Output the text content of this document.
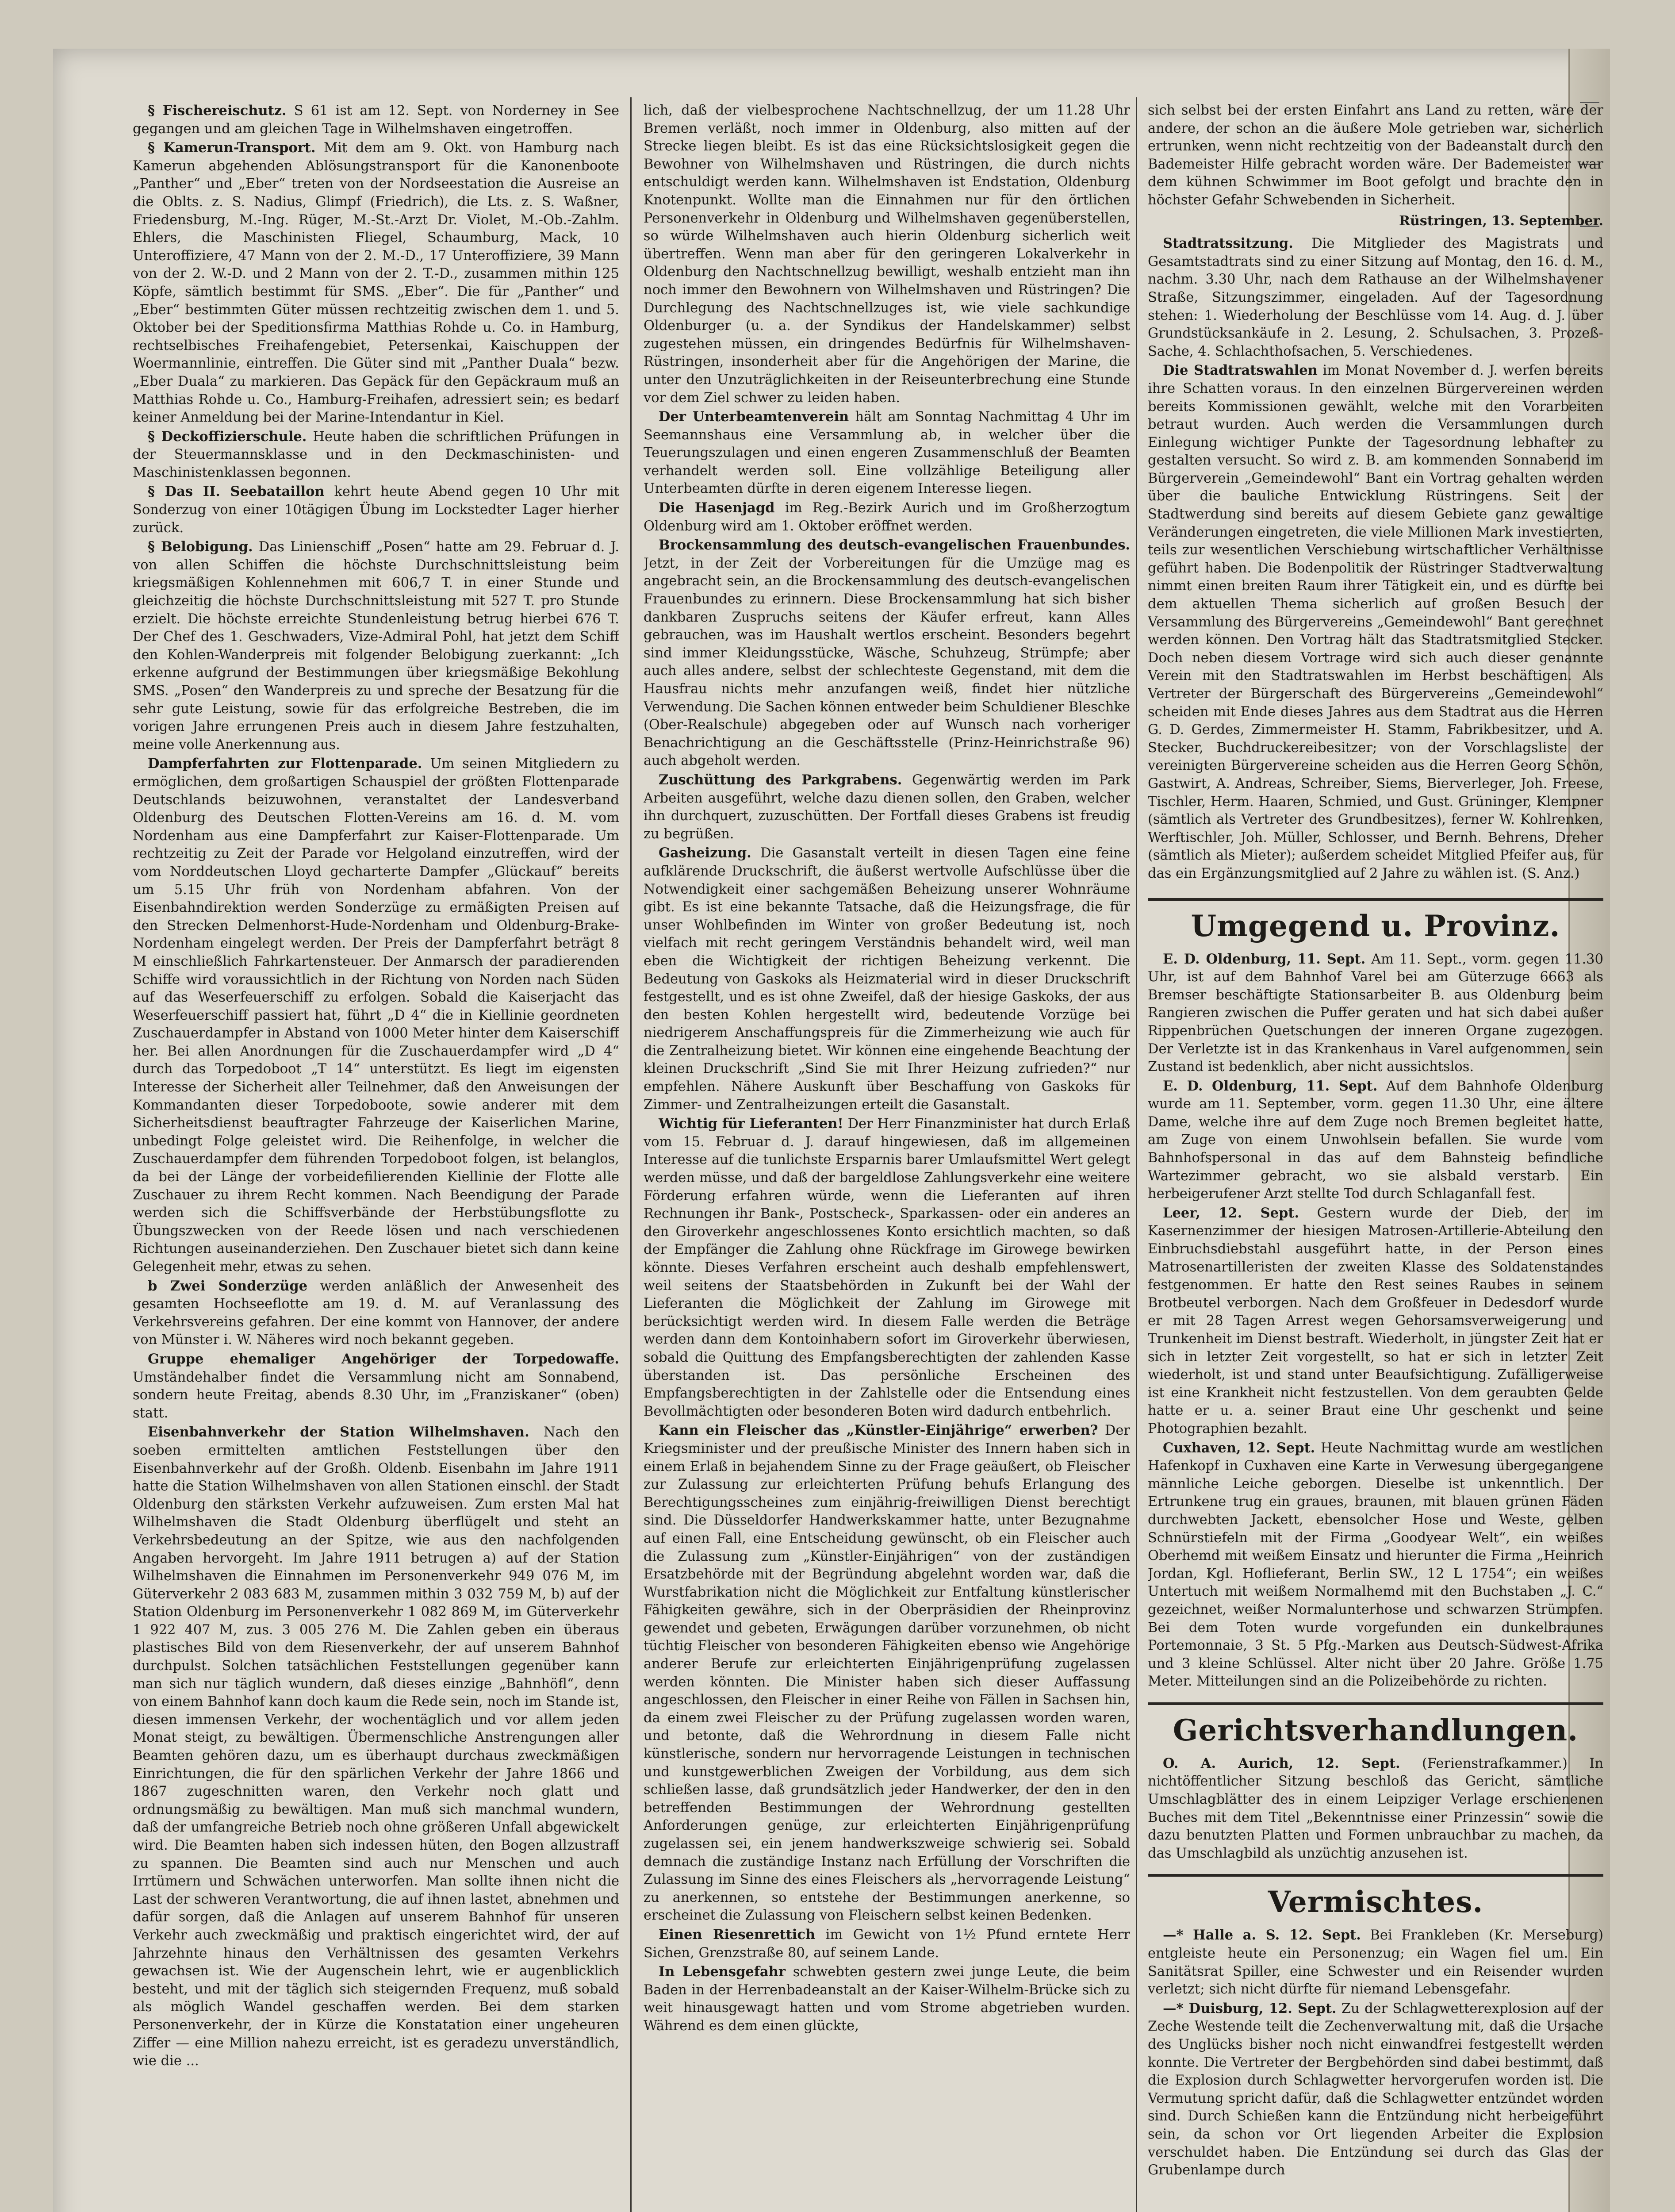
§ Fischereischutz. S 61 ist am 12. Sept. von Norderney in See gegangen und am gleichen Tage in Wilhelmshaven eingetroffen.

§ Kamerun-Transport. Mit dem am 9. Okt. von Hamburg nach Kamerun abgehenden Ablösungstransport für die Kanonenboote „Panther“ und „Eber“ treten von der Nordseestation die Ausreise an die Oblts. z. S. Nadius, Glimpf (Friedrich), die Lts. z. S. Waßner, Friedensburg, M.-Ing. Rüger, M.-St.-Arzt Dr. Violet, M.-Ob.-Zahlm. Ehlers, die Maschinisten Fliegel, Schaumburg, Mack, 10 Unteroffiziere, 47 Mann von der 2. M.-D., 17 Unteroffiziere, 39 Mann von der 2. W.-D. und 2 Mann von der 2. T.-D., zusammen mithin 125 Köpfe, sämtlich bestimmt für SMS. „Eber“. Die für „Panther“ und „Eber“ bestimmten Güter müssen rechtzeitig zwischen dem 1. und 5. Oktober bei der Speditionsfirma Matthias Rohde u. Co. in Hamburg, rechtselbisches Freihafengebiet, Petersenkai, Kaischuppen der Woermannlinie, eintreffen. Die Güter sind mit „Panther Duala“ bezw. „Eber Duala“ zu markieren. Das Gepäck für den Gepäckraum muß an Matthias Rohde u. Co., Hamburg-Freihafen, adressiert sein; es bedarf keiner Anmeldung bei der Marine-Intendantur in Kiel.

§ Deckoffizierschule. Heute haben die schriftlichen Prüfungen in der Steuermannsklasse und in den Deckmaschinisten- und Maschinistenklassen begonnen.

§ Das II. Seebataillon kehrt heute Abend gegen 10 Uhr mit Sonderzug von einer 10tägigen Übung im Lockstedter Lager hierher zurück.

§ Belobigung. Das Linienschiff „Posen“ hatte am 29. Februar d. J. von allen Schiffen die höchste Durchschnittsleistung beim kriegsmäßigen Kohlennehmen mit 606,7 T. in einer Stunde und gleichzeitig die höchste Durchschnittsleistung mit 527 T. pro Stunde erzielt. Die höchste erreichte Stundenleistung betrug hierbei 676 T. Der Chef des 1. Geschwaders, Vize-Admiral Pohl, hat jetzt dem Schiff den Kohlen-Wanderpreis mit folgender Belobigung zuerkannt: „Ich erkenne aufgrund der Bestimmungen über kriegsmäßige Bekohlung SMS. „Posen“ den Wanderpreis zu und spreche der Besatzung für die sehr gute Leistung, sowie für das erfolgreiche Bestreben, die im vorigen Jahre errungenen Preis auch in diesem Jahre festzuhalten, meine volle Anerkennung aus.

Dampferfahrten zur Flottenparade. Um seinen Mitgliedern zu ermöglichen, dem großartigen Schauspiel der größten Flottenparade Deutschlands beizuwohnen, veranstaltet der Landesverband Oldenburg des Deutschen Flotten-Vereins am 16. d. M. vom Nordenham aus eine Dampferfahrt zur Kaiser-Flottenparade. Um rechtzeitig zu Zeit der Parade vor Helgoland einzutreffen, wird der vom Norddeutschen Lloyd gecharterte Dampfer „Glückauf“ bereits um 5.15 Uhr früh von Nordenham abfahren. Von der Eisenbahndirektion werden Sonderzüge zu ermäßigten Preisen auf den Strecken Delmenhorst-Hude-Nordenham und Oldenburg-Brake-Nordenham eingelegt werden. Der Preis der Dampferfahrt beträgt 8 M einschließlich Fahrkartensteuer. Der Anmarsch der paradierenden Schiffe wird voraussichtlich in der Richtung von Norden nach Süden auf das Weserfeuerschiff zu erfolgen. Sobald die Kaiserjacht das Weserfeuerschiff passiert hat, führt „D 4“ die in Kiellinie geordneten Zuschauerdampfer in Abstand von 1000 Meter hinter dem Kaiserschiff her. Bei allen Anordnungen für die Zuschauerdampfer wird „D 4“ durch das Torpedoboot „T 14“ unterstützt. Es liegt im eigensten Interesse der Sicherheit aller Teilnehmer, daß den Anweisungen der Kommandanten dieser Torpedoboote, sowie anderer mit dem Sicherheitsdienst beauftragter Fahrzeuge der Kaiserlichen Marine, unbedingt Folge geleistet wird. Die Reihenfolge, in welcher die Zuschauerdampfer dem führenden Torpedoboot folgen, ist belanglos, da bei der Länge der vorbeidefilierenden Kiellinie der Flotte alle Zuschauer zu ihrem Recht kommen. Nach Beendigung der Parade werden sich die Schiffsverbände der Herbstübungsflotte zu Übungszwecken von der Reede lösen und nach verschiedenen Richtungen auseinanderziehen. Den Zuschauer bietet sich dann keine Gelegenheit mehr, etwas zu sehen.

b Zwei Sonderzüge werden anläßlich der Anwesenheit des gesamten Hochseeflotte am 19. d. M. auf Veranlassung des Verkehrsvereins gefahren. Der eine kommt von Hannover, der andere von Münster i. W. Näheres wird noch bekannt gegeben.

Gruppe ehemaliger Angehöriger der Torpedowaffe. Umständehalber findet die Versammlung nicht am Sonnabend, sondern heute Freitag, abends 8.30 Uhr, im „Franziskaner“ (oben) statt.

Eisenbahnverkehr der Station Wilhelmshaven. Nach den soeben ermittelten amtlichen Feststellungen über den Eisenbahnverkehr auf der Großh. Oldenb. Eisenbahn im Jahre 1911 hatte die Station Wilhelmshaven von allen Stationen einschl. der Stadt Oldenburg den stärksten Verkehr aufzuweisen. Zum ersten Mal hat Wilhelmshaven die Stadt Oldenburg überflügelt und steht an Verkehrsbedeutung an der Spitze, wie aus den nachfolgenden Angaben hervorgeht. Im Jahre 1911 betrugen a) auf der Station Wilhelmshaven die Einnahmen im Personenverkehr 949 076 M, im Güterverkehr 2 083 683 M, zusammen mithin 3 032 759 M, b) auf der Station Oldenburg im Personenverkehr 1 082 869 M, im Güterverkehr 1 922 407 M, zus. 3 005 276 M. Die Zahlen geben ein überaus plastisches Bild von dem Riesenverkehr, der auf unserem Bahnhof durchpulst. Solchen tatsächlichen Feststellungen gegenüber kann man sich nur täglich wundern, daß dieses einzige „Bahnhöfl“, denn von einem Bahnhof kann doch kaum die Rede sein, noch im Stande ist, diesen immensen Verkehr, der wochentäglich und vor allem jeden Monat steigt, zu bewältigen. Übermenschliche Anstrengungen aller Beamten gehören dazu, um es überhaupt durchaus zweckmäßigen Einrichtungen, die für den spärlichen Verkehr der Jahre 1866 und 1867 zugeschnitten waren, den Verkehr noch glatt und ordnungsmäßig zu bewältigen. Man muß sich manchmal wundern, daß der umfangreiche Betrieb noch ohne größeren Unfall abgewickelt wird. Die Beamten haben sich indessen hüten, den Bogen allzustraff zu spannen. Die Beamten sind auch nur Menschen und auch Irrtümern und Schwächen unterworfen. Man sollte ihnen nicht die Last der schweren Verantwortung, die auf ihnen lastet, abnehmen und dafür sorgen, daß die Anlagen auf unserem Bahnhof für unseren Verkehr auch zweckmäßig und praktisch eingerichtet wird, der auf Jahrzehnte hinaus den Verhältnissen des gesamten Verkehrs gewachsen ist. Wie der Augenschein lehrt, wie er augenblicklich besteht, und mit der täglich sich steigernden Frequenz, muß sobald als möglich Wandel geschaffen werden. Bei dem starken Personenverkehr, der in Kürze die Konstatation einer ungeheuren Ziffer — eine Million nahezu erreicht, ist es geradezu unverständlich, wie die ...

lich, daß der vielbesprochene Nachtschnellzug, der um 11.28 Uhr Bremen verläßt, noch immer in Oldenburg, also mitten auf der Strecke liegen bleibt. Es ist das eine Rücksichtslosigkeit gegen die Bewohner von Wilhelmshaven und Rüstringen, die durch nichts entschuldigt werden kann. Wilhelmshaven ist Endstation, Oldenburg Knotenpunkt. Wollte man die Einnahmen nur für den örtlichen Personenverkehr in Oldenburg und Wilhelmshaven gegenüberstellen, so würde Wilhelmshaven auch hierin Oldenburg sicherlich weit übertreffen. Wenn man aber für den geringeren Lokalverkehr in Oldenburg den Nachtschnellzug bewilligt, weshalb entzieht man ihn noch immer den Bewohnern von Wilhelmshaven und Rüstringen? Die Durchlegung des Nachtschnellzuges ist, wie viele sachkundige Oldenburger (u. a. der Syndikus der Handelskammer) selbst zugestehen müssen, ein dringendes Bedürfnis für Wilhelmshaven-Rüstringen, insonderheit aber für die Angehörigen der Marine, die unter den Unzuträglichkeiten in der Reiseunterbrechung eine Stunde vor dem Ziel schwer zu leiden haben.

Der Unterbeamtenverein hält am Sonntag Nachmittag 4 Uhr im Seemannshaus eine Versammlung ab, in welcher über die Teuerungszulagen und einen engeren Zusammenschluß der Beamten verhandelt werden soll. Eine vollzählige Beteiligung aller Unterbeamten dürfte in deren eigenem Interesse liegen.

Die Hasenjagd im Reg.-Bezirk Aurich und im Großherzogtum Oldenburg wird am 1. Oktober eröffnet werden.

Brockensammlung des deutsch-evangelischen Frauenbundes. Jetzt, in der Zeit der Vorbereitungen für die Umzüge mag es angebracht sein, an die Brockensammlung des deutsch-evangelischen Frauenbundes zu erinnern. Diese Brockensammlung hat sich bisher dankbaren Zuspruchs seitens der Käufer erfreut, kann Alles gebrauchen, was im Haushalt wertlos erscheint. Besonders begehrt sind immer Kleidungsstücke, Wäsche, Schuhzeug, Strümpfe; aber auch alles andere, selbst der schlechteste Gegenstand, mit dem die Hausfrau nichts mehr anzufangen weiß, findet hier nützliche Verwendung. Die Sachen können entweder beim Schuldiener Bleschke (Ober-Realschule) abgegeben oder auf Wunsch nach vorheriger Benachrichtigung an die Geschäftsstelle (Prinz-Heinrichstraße 96) auch abgeholt werden.

Zuschüttung des Parkgrabens. Gegenwärtig werden im Park Arbeiten ausgeführt, welche dazu dienen sollen, den Graben, welcher ihn durchquert, zuzuschütten. Der Fortfall dieses Grabens ist freudig zu begrüßen.

Gasheizung. Die Gasanstalt verteilt in diesen Tagen eine feine aufklärende Druckschrift, die äußerst wertvolle Aufschlüsse über die Notwendigkeit einer sachgemäßen Beheizung unserer Wohnräume gibt. Es ist eine bekannte Tatsache, daß die Heizungsfrage, die für unser Wohlbefinden im Winter von großer Bedeutung ist, noch vielfach mit recht geringem Verständnis behandelt wird, weil man eben die Wichtigkeit der richtigen Beheizung verkennt. Die Bedeutung von Gaskoks als Heizmaterial wird in dieser Druckschrift festgestellt, und es ist ohne Zweifel, daß der hiesige Gaskoks, der aus den besten Kohlen hergestellt wird, bedeutende Vorzüge bei niedrigerem Anschaffungspreis für die Zimmerheizung wie auch für die Zentralheizung bietet. Wir können eine eingehende Beachtung der kleinen Druckschrift „Sind Sie mit Ihrer Heizung zufrieden?“ nur empfehlen. Nähere Auskunft über Beschaffung von Gaskoks für Zimmer- und Zentralheizungen erteilt die Gasanstalt.

Wichtig für Lieferanten! Der Herr Finanzminister hat durch Erlaß vom 15. Februar d. J. darauf hingewiesen, daß im allgemeinen Interesse auf die tunlichste Ersparnis barer Umlaufsmittel Wert gelegt werden müsse, und daß der bargeldlose Zahlungsverkehr eine weitere Förderung erfahren würde, wenn die Lieferanten auf ihren Rechnungen ihr Bank-, Postscheck-, Sparkassen- oder ein anderes an den Giroverkehr angeschlossenes Konto ersichtlich machten, so daß der Empfänger die Zahlung ohne Rückfrage im Girowege bewirken könnte. Dieses Verfahren erscheint auch deshalb empfehlenswert, weil seitens der Staatsbehörden in Zukunft bei der Wahl der Lieferanten die Möglichkeit der Zahlung im Girowege mit berücksichtigt werden wird. In diesem Falle werden die Beträge werden dann dem Kontoinhabern sofort im Giroverkehr überwiesen, sobald die Quittung des Empfangsberechtigten der zahlenden Kasse überstanden ist. Das persönliche Erscheinen des Empfangsberechtigten in der Zahlstelle oder die Entsendung eines Bevollmächtigten oder besonderen Boten wird dadurch entbehrlich.

Kann ein Fleischer das „Künstler-Einjährige“ erwerben? Der Kriegsminister und der preußische Minister des Innern haben sich in einem Erlaß in bejahendem Sinne zu der Frage geäußert, ob Fleischer zur Zulassung zur erleichterten Prüfung behufs Erlangung des Berechtigungsscheines zum einjährig-freiwilligen Dienst berechtigt sind. Die Düsseldorfer Handwerkskammer hatte, unter Bezugnahme auf einen Fall, eine Entscheidung gewünscht, ob ein Fleischer auch die Zulassung zum „Künstler-Einjährigen“ von der zuständigen Ersatzbehörde mit der Begründung abgelehnt worden war, daß die Wurstfabrikation nicht die Möglichkeit zur Entfaltung künstlerischer Fähigkeiten gewähre, sich in der Oberpräsidien der Rheinprovinz gewendet und gebeten, Erwägungen darüber vorzunehmen, ob nicht tüchtig Fleischer von besonderen Fähigkeiten ebenso wie Angehörige anderer Berufe zur erleichterten Einjährigenprüfung zugelassen werden könnten. Die Minister haben sich dieser Auffassung angeschlossen, den Fleischer in einer Reihe von Fällen in Sachsen hin, da einem zwei Fleischer zu der Prüfung zugelassen worden waren, und betonte, daß die Wehrordnung in diesem Falle nicht künstlerische, sondern nur hervorragende Leistungen in technischen und kunstgewerblichen Zweigen der Vorbildung, aus dem sich schließen lasse, daß grundsätzlich jeder Handwerker, der den in den betreffenden Bestimmungen der Wehrordnung gestellten Anforderungen genüge, zur erleichterten Einjährigenprüfung zugelassen sei, ein jenem handwerkszweige schwierig sei. Sobald demnach die zuständige Instanz nach Erfüllung der Vorschriften die Zulassung im Sinne des eines Fleischers als „hervorragende Leistung“ zu anerkennen, so entstehe der Bestimmungen anerkenne, so erscheinet die Zulassung von Fleischern selbst keinen Bedenken.

Einen Riesenrettich im Gewicht von 1½ Pfund erntete Herr Sichen, Grenzstraße 80, auf seinem Lande.

In Lebensgefahr schwebten gestern zwei junge Leute, die beim Baden in der Herrenbadeanstalt an der Kaiser-Wilhelm-Brücke sich zu weit hinausgewagt hatten und vom Strome abgetrieben wurden. Während es dem einen glückte,

sich selbst bei der ersten Einfahrt ans Land zu retten, wäre der andere, der schon an die äußere Mole getrieben war, sicherlich ertrunken, wenn nicht rechtzeitig von der Badeanstalt durch den Bademeister Hilfe gebracht worden wäre. Der Bademeister war dem kühnen Schwimmer im Boot gefolgt und brachte den in höchster Gefahr Schwebenden in Sicherheit.

Rüstringen, 13. September.

Stadtratssitzung. Die Mitglieder des Magistrats und Gesamtstadtrats sind zu einer Sitzung auf Montag, den 16. d. M., nachm. 3.30 Uhr, nach dem Rathause an der Wilhelmshavener Straße, Sitzungszimmer, eingeladen. Auf der Tagesordnung stehen: 1. Wiederholung der Beschlüsse vom 14. Aug. d. J. über Grundstücksankäufe in 2. Lesung, 2. Schulsachen, 3. Prozeß-Sache, 4. Schlachthofsachen, 5. Verschiedenes.

Die Stadtratswahlen im Monat November d. J. werfen bereits ihre Schatten voraus. In den einzelnen Bürgervereinen werden bereits Kommissionen gewählt, welche mit den Vorarbeiten betraut wurden. Auch werden die Versammlungen durch Einlegung wichtiger Punkte der Tagesordnung lebhafter zu gestalten versucht. So wird z. B. am kommenden Sonnabend im Bürgerverein „Gemeindewohl“ Bant ein Vortrag gehalten werden über die bauliche Entwicklung Rüstringens. Seit der Stadtwerdung sind bereits auf diesem Gebiete ganz gewaltige Veränderungen eingetreten, die viele Millionen Mark investierten, teils zur wesentlichen Verschiebung wirtschaftlicher Verhältnisse geführt haben. Die Bodenpolitik der Rüstringer Stadtverwaltung nimmt einen breiten Raum ihrer Tätigkeit ein, und es dürfte bei dem aktuellen Thema sicherlich auf großen Besuch der Versammlung des Bürgervereins „Gemeindewohl“ Bant gerechnet werden können. Den Vortrag hält das Stadtratsmitglied Stecker. Doch neben diesem Vortrage wird sich auch dieser genannte Verein mit den Stadtratswahlen im Herbst beschäftigen. Als Vertreter der Bürgerschaft des Bürgervereins „Gemeindewohl“ scheiden mit Ende dieses Jahres aus dem Stadtrat aus die Herren G. D. Gerdes, Zimmermeister H. Stamm, Fabrikbesitzer, und A. Stecker, Buchdruckereibesitzer; von der Vorschlagsliste der vereinigten Bürgervereine scheiden aus die Herren Georg Schön, Gastwirt, A. Andreas, Schreiber, Siems, Bierverleger, Joh. Freese, Tischler, Herm. Haaren, Schmied, und Gust. Grüninger, Klempner (sämtlich als Vertreter des Grundbesitzes), ferner W. Kohlrenken, Werftischler, Joh. Müller, Schlosser, und Bernh. Behrens, Dreher (sämtlich als Mieter); außerdem scheidet Mitglied Pfeifer aus, für das ein Ergänzungsmitglied auf 2 Jahre zu wählen ist. (S. Anz.)

Umgegend u. Provinz.

E. D. Oldenburg, 11. Sept. Am 11. Sept., vorm. gegen 11.30 Uhr, ist auf dem Bahnhof Varel bei am Güterzuge 6663 als Bremser beschäftigte Stationsarbeiter B. aus Oldenburg beim Rangieren zwischen die Puffer geraten und hat sich dabei außer Rippenbrüchen Quetschungen der inneren Organe zugezogen. Der Verletzte ist in das Krankenhaus in Varel aufgenommen, sein Zustand ist bedenklich, aber nicht aussichtslos.

E. D. Oldenburg, 11. Sept. Auf dem Bahnhofe Oldenburg wurde am 11. September, vorm. gegen 11.30 Uhr, eine ältere Dame, welche ihre auf dem Zuge noch Bremen begleitet hatte, am Zuge von einem Unwohlsein befallen. Sie wurde vom Bahnhofspersonal in das auf dem Bahnsteig befindliche Wartezimmer gebracht, wo sie alsbald verstarb. Ein herbeigerufener Arzt stellte Tod durch Schlaganfall fest.

Leer, 12. Sept. Gestern wurde der Dieb, der im Kasernenzimmer der hiesigen Matrosen-Artillerie-Abteilung den Einbruchsdiebstahl ausgeführt hatte, in der Person eines Matrosenartilleristen der zweiten Klasse des Soldatenstandes festgenommen. Er hatte den Rest seines Raubes in seinem Brotbeutel verborgen. Nach dem Großfeuer in Dedesdorf wurde er mit 28 Tagen Arrest wegen Gehorsamsverweigerung und Trunkenheit im Dienst bestraft. Wiederholt, in jüngster Zeit hat er sich in letzter Zeit vorgestellt, so hat er sich in letzter Zeit wiederholt, ist und stand unter Beaufsichtigung. Zufälligerweise ist eine Krankheit nicht festzustellen. Von dem geraubten Gelde hatte er u. a. seiner Braut eine Uhr geschenkt und seine Photographien bezahlt.

Cuxhaven, 12. Sept. Heute Nachmittag wurde am westlichen Hafenkopf in Cuxhaven eine Karte in Verwesung übergegangene männliche Leiche geborgen. Dieselbe ist unkenntlich. Der Ertrunkene trug ein graues, braunen, mit blauen grünen Fäden durchwebten Jackett, ebensolcher Hose und Weste, gelben Schnürstiefeln mit der Firma „Goodyear Welt“, ein weißes Oberhemd mit weißem Einsatz und hierunter die Firma „Heinrich Jordan, Kgl. Hoflieferant, Berlin SW., 12 L 1754“; ein weißes Untertuch mit weißem Normalhemd mit den Buchstaben „J. C.“ gezeichnet, weißer Normalunterhose und schwarzen Strümpfen. Bei dem Toten wurde vorgefunden ein dunkelbraunes Portemonnaie, 3 St. 5 Pfg.-Marken aus Deutsch-Südwest-Afrika und 3 kleine Schlüssel. Alter nicht über 20 Jahre. Größe 1.75 Meter. Mitteilungen sind an die Polizeibehörde zu richten.

Gerichtsverhandlungen.

O. A. Aurich, 12. Sept. (Ferienstrafkammer.) In nichtöffentlicher Sitzung beschloß das Gericht, sämtliche Umschlagblätter des in einem Leipziger Verlage erschienenen Buches mit dem Titel „Bekenntnisse einer Prinzessin“ sowie die dazu benutzten Platten und Formen unbrauchbar zu machen, da das Umschlagbild als unzüchtig anzusehen ist.

Vermischtes.

—* Halle a. S. 12. Sept. Bei Frankleben (Kr. Merseburg) entgleiste heute ein Personenzug; ein Wagen fiel um. Ein Sanitätsrat Spiller, eine Schwester und ein Reisender wurden verletzt; sich nicht dürfte für niemand Lebensgefahr.

—* Duisburg, 12. Sept. Zu der Schlagwetterexplosion auf der Zeche Westende teilt die Zechenverwaltung mit, daß die Ursache des Unglücks bisher noch nicht einwandfrei festgestellt werden konnte. Die Vertreter der Bergbehörden sind dabei bestimmt, daß die Explosion durch Schlagwetter hervorgerufen worden ist. Die Vermutung spricht dafür, daß die Schlagwetter entzündet worden sind. Durch Schießen kann die Entzündung nicht herbeigeführt sein, da schon vor Ort liegenden Arbeiter die Explosion verschuldet haben. Die Entzündung sei durch das Glas der Grubenlampe durch
